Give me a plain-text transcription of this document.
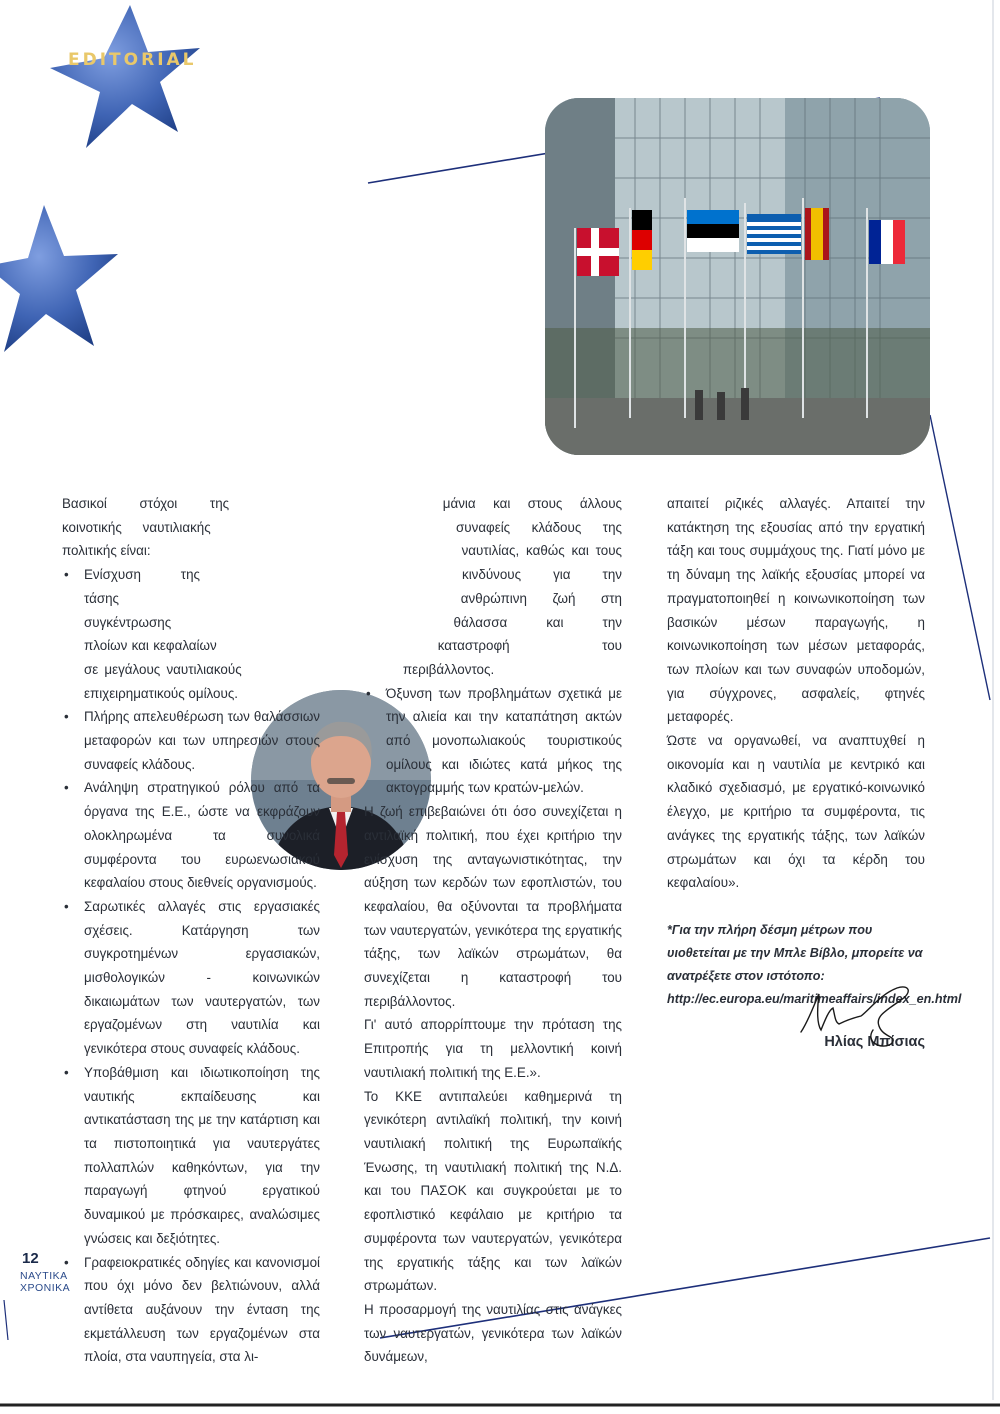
EDITORIAL

Βασικοί στόχοι της κοινοτικής ναυτιλιακής πολιτικής είναι:

• Ενίσχυση της τάσης συγκέντρωσης πλοίων και κεφαλαίων σε μεγάλους ναυτιλιακούς επιχειρηματικούς ομίλους.
• Πλήρης απελευθέρωση των θαλάσσιων μεταφορών και των υπηρεσιών στους συναφείς κλάδους.
• Ανάληψη στρατηγικού ρόλου από τα όργανα της Ε.Ε., ώστε να εκφράζουν ολοκληρωμένα τα συνολικά συμφέροντα του ευρωενωσιακού κεφαλαίου στους διεθνείς οργανισμούς.
• Σαρωτικές αλλαγές στις εργασιακές σχέσεις. Κατάργηση των συγκροτημένων εργασιακών, μισθολογικών - κοινωνικών δικαιωμάτων των ναυτεργατών, των εργαζομένων στη ναυτιλία και γενικότερα στους συναφείς κλάδους.
• Υποβάθμιση και ιδιωτικοποίηση της ναυτικής εκπαίδευσης και αντικατάσταση της με την κατάρτιση και τα πιστοποιητικά για ναυτεργάτες πολλαπλών καθηκόντων, για την παραγωγή φτηνού εργατικού δυναμικού με πρόσκαιρες, αναλώσιμες γνώσεις και δεξιότητες.
• Γραφειοκρατικές οδηγίες και κανονισμοί που όχι μόνο δεν βελτιώνουν, αλλά αντίθετα αυξάνουν την ένταση της εκμετάλλευση των εργαζομένων στα πλοία, στα ναυπηγεία, στα λι-

μάνια και στους άλλους συναφείς κλάδους της ναυτιλίας, καθώς και τους κινδύνους για την ανθρώπινη ζωή στη θάλασσα και την καταστροφή του περιβάλλοντος.

• Όξυνση των προβλημάτων σχετικά με την αλιεία και την καταπάτηση ακτών από μονοπωλιακούς τουριστικούς ομίλους και ιδιώτες κατά μήκος της ακτογραμμής των κρατών-μελών.

Η ζωή επιβεβαιώνει ότι όσο συνεχίζεται η αντιλαϊκή πολιτική, που έχει κριτήριο την ενίσχυση της ανταγωνιστικότητας, την αύξηση των κερδών των εφοπλιστών, του κεφαλαίου, θα οξύνονται τα προβλήματα των ναυτεργατών, γενικότερα της εργατικής τάξης, των λαϊκών στρωμάτων, θα συνεχίζεται η καταστροφή του περιβάλλοντος.

Γι' αυτό απορρίπτουμε την πρόταση της Επιτροπής για τη μελλοντική κοινή ναυτιλιακή πολιτική της Ε.Ε.».

Το ΚΚΕ αντιπαλεύει καθημερινά τη γενικότερη αντιλαϊκή πολιτική, την κοινή ναυτιλιακή πολιτική της Ευρωπαϊκής Ένωσης, τη ναυτιλιακή πολιτική της Ν.Δ. και του ΠΑΣΟΚ και συγκρούεται με το εφοπλιστικό κεφάλαιο με κριτήριο τα συμφέροντα των ναυτεργατών, γενικότερα της εργατικής τάξης και των λαϊκών στρωμάτων.

Η προσαρμογή της ναυτιλίας στις ανάγκες των ναυτεργατών, γενικότερα των λαϊκών δυνάμεων,

απαιτεί ριζικές αλλαγές. Απαιτεί την κατάκτηση της εξουσίας από την εργατική τάξη και τους συμμάχους της. Γιατί μόνο με τη δύναμη της λαϊκής εξουσίας μπορεί να πραγματοποιηθεί η κοινωνικοποίηση των βασικών μέσων παραγωγής, η κοινωνικοποίηση των μέσων μεταφοράς, των πλοίων και των συναφών υποδομών, για σύγχρονες, ασφαλείς, φτηνές μεταφορές.

Ώστε να οργανωθεί, να αναπτυχθεί η οικονομία και η ναυτιλία με κεντρικό και κλαδικό σχεδιασμό, με εργατικό-κοινωνικό έλεγχο, με κριτήριο τα συμφέροντα, τις ανάγκες της εργατικής τάξης, των λαϊκών στρωμάτων και όχι τα κέρδη του κεφαλαίου».

*Για την πλήρη δέσμη μέτρων που υιοθετείται με την Μπλε Βίβλο, μπορείτε να ανατρέξετε στον ιστότοπο: http://ec.europa.eu/maritimeaffairs/index_en.html

Ηλίας Μπίσιας

12

ΝΑΥΤΙΚΑ
ΧΡΟΝΙΚΑ
